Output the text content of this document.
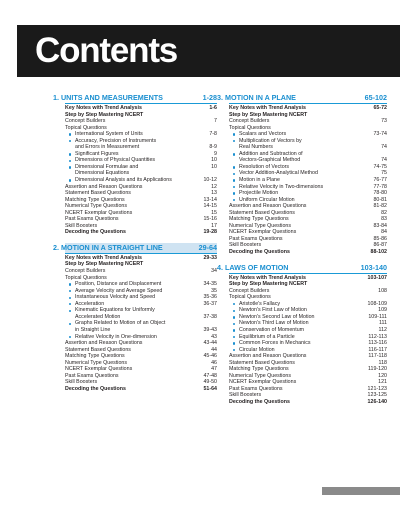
Contents
1. UNITS AND MEASUREMENTS	1-28
Key Notes with Trend Analysis	1-6
Step by Step Mastering NCERT
Concept Builders	7
Topical Questions
International System of Units	7-8
Accuracy, Precision of Instruments
and Errors in Measurement	8-9
Significant Figures	9
Dimensions of Physical Quantities	10
Dimensional Formulae and	10
Dimensional Equations
Dimensional Analysis and its Applications	10-12
Assertion and Reason Questions	12
Statement Based Questions	13
Matching Type Questions	13-14
Numerical Type Questions	14-15
NCERT Exemplar Questions	15
Past Exams Questions	15-16
Skill Boosters	17
Decoding the Questions	19-28
2. MOTION IN A STRAIGHT LINE	29-64
Key Notes with Trend Analysis	29-33
Step by Step Mastering NCERT
Concept Builders	34
Topical Questions
Position, Distance and Displacement	34-35
Average Velocity and Average Speed	35
Instantaneous Velocity and Speed	35-36
Acceleration	36-37
Kinematic Equations for Uniformly
Accelerated Motion	37-38
Graphs Related to Motion of an Object
in Straight Line	39-43
Relative Velocity in One-dimension	43
Assertion and Reason Questions	43-44
Statement Based Questions	44
Matching Type Questions	45-46
Numerical Type Questions	46
NCERT Exemplar Questions	47
Past Exams Questions	47-48
Skill Boosters	49-50
Decoding the Questions	51-64
3. MOTION IN A PLANE	65-102
Key Notes with Trend Analysis	65-72
Step by Step Mastering NCERT
Concept Builders	73
Topical Questions
Scalars and Vectors	73-74
Multiplication of Vectors by
Real Numbers	74
Addition and Subtraction of
Vectors-Graphical Method	74
Resolution of Vectors	74-75
Vector Addition-Analytical Method	75
Motion in a Plane	76-77
Relative Velocity in Two-dimensions	77-78
Projectile Motion	78-80
Uniform Circular Motion	80-81
Assertion and Reason Questions	81-82
Statement Based Questions	82
Matching Type Questions	83
Numerical Type Questions	83-84
NCERT Exemplar Questions	84
Past Exams Questions	85-86
Skill Boosters	86-87
Decoding the Questions	88-102
4. LAWS OF MOTION	103-140
Key Notes with Trend Analysis	103-107
Step by Step Mastering NCERT
Concept Builders	108
Topical Questions
Aristotle's Fallacy	108-109
Newton's First Law of Motion	109
Newton's Second Law of Motion	109-111
Newton's Third Law of Motion	111
Conservation of Momentum	112
Equilibrium of a Particle	112-113
Common Forces in Mechanics	113-116
Circular Motion	116-117
Assertion and Reason Questions	117-118
Statement Based Questions	118
Matching Type Questions	119-120
Numerical Type Questions	120
NCERT Exemplar Questions	121
Past Exams Questions	121-123
Skill Boosters	123-125
Decoding the Questions	126-140
